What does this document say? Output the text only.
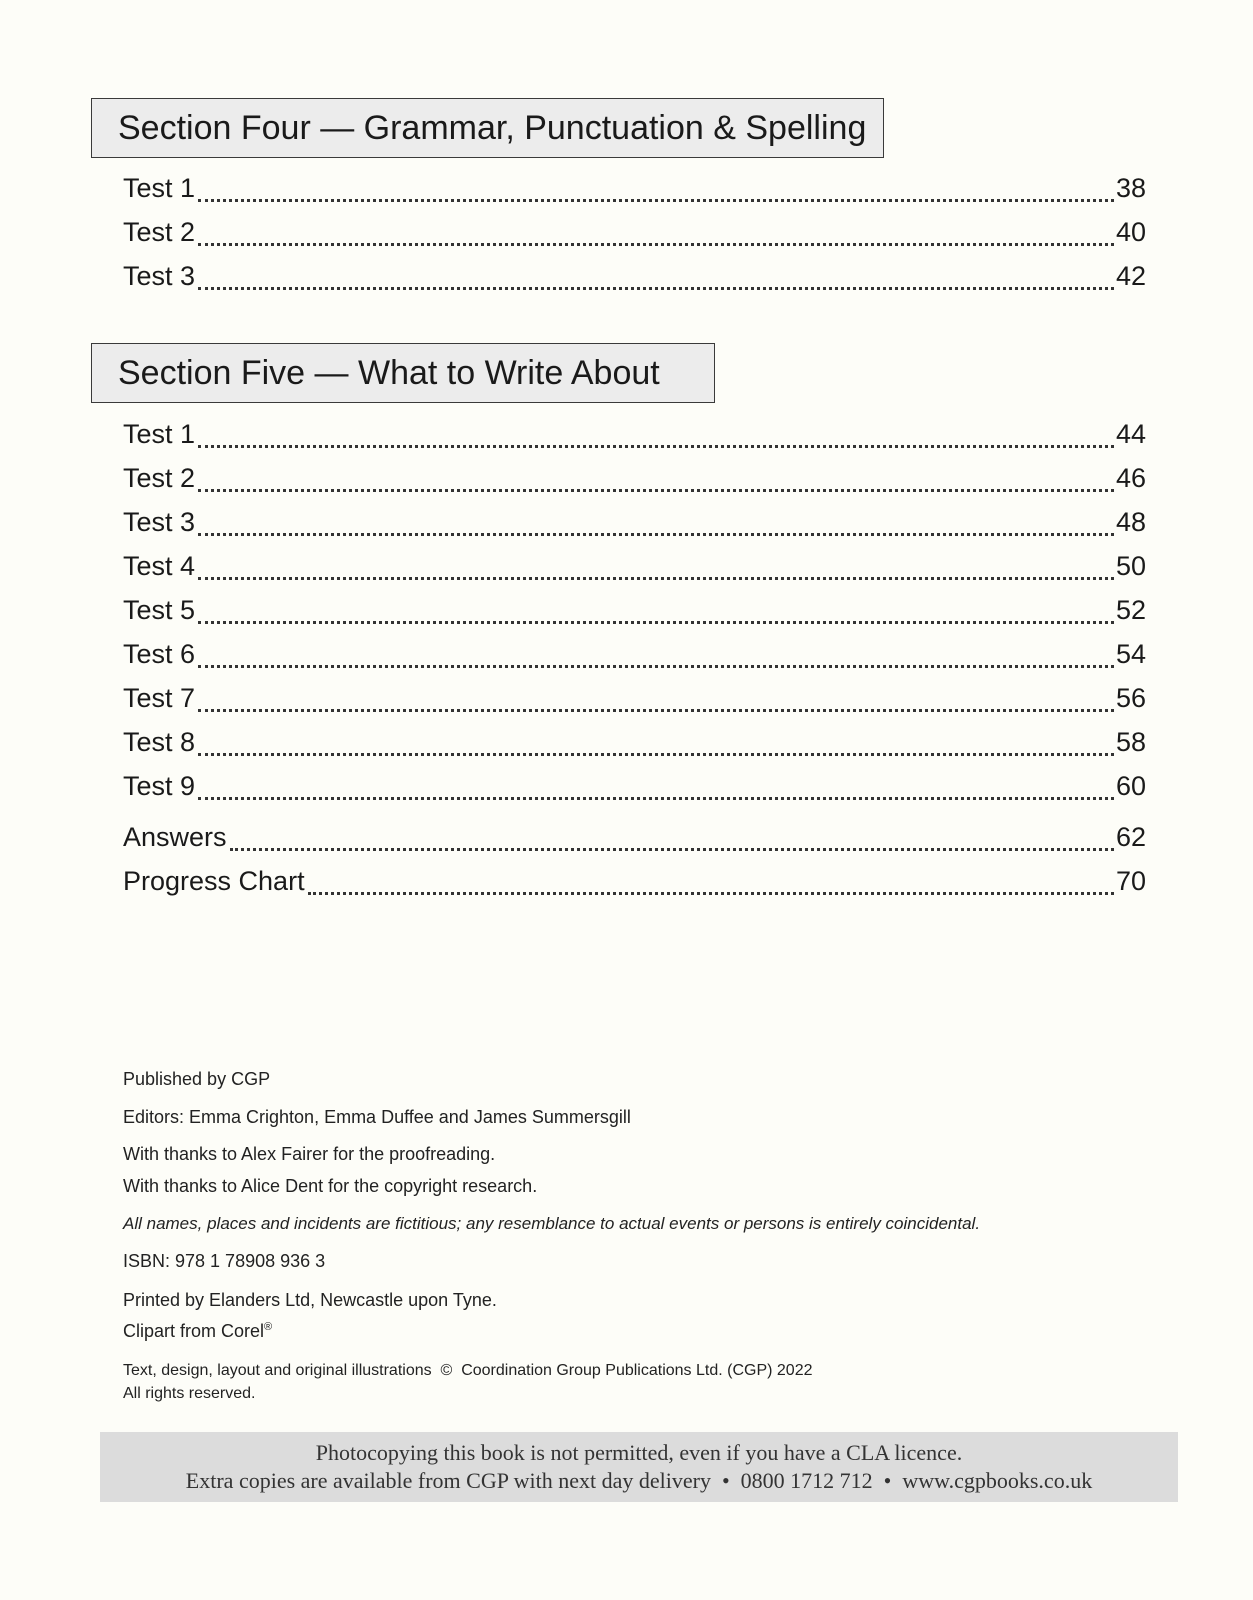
Section Four — Grammar, Punctuation & Spelling
Test 1	38
Test 2	40
Test 3	42
Section Five — What to Write About
Test 1	44
Test 2	46
Test 3	48
Test 4	50
Test 5	52
Test 6	54
Test 7	56
Test 8	58
Test 9	60
Answers	62
Progress Chart	70
Published by CGP
Editors: Emma Crighton, Emma Duffee and James Summersgill
With thanks to Alex Fairer for the proofreading.
With thanks to Alice Dent for the copyright research.
All names, places and incidents are fictitious; any resemblance to actual events or persons is entirely coincidental.
ISBN: 978 1 78908 936 3
Printed by Elanders Ltd, Newcastle upon Tyne.
Clipart from Corel®
Text, design, layout and original illustrations  ©  Coordination Group Publications Ltd. (CGP) 2022
All rights reserved.
Photocopying this book is not permitted, even if you have a CLA licence.
Extra copies are available from CGP with next day delivery  •  0800 1712 712  •  www.cgpbooks.co.uk
